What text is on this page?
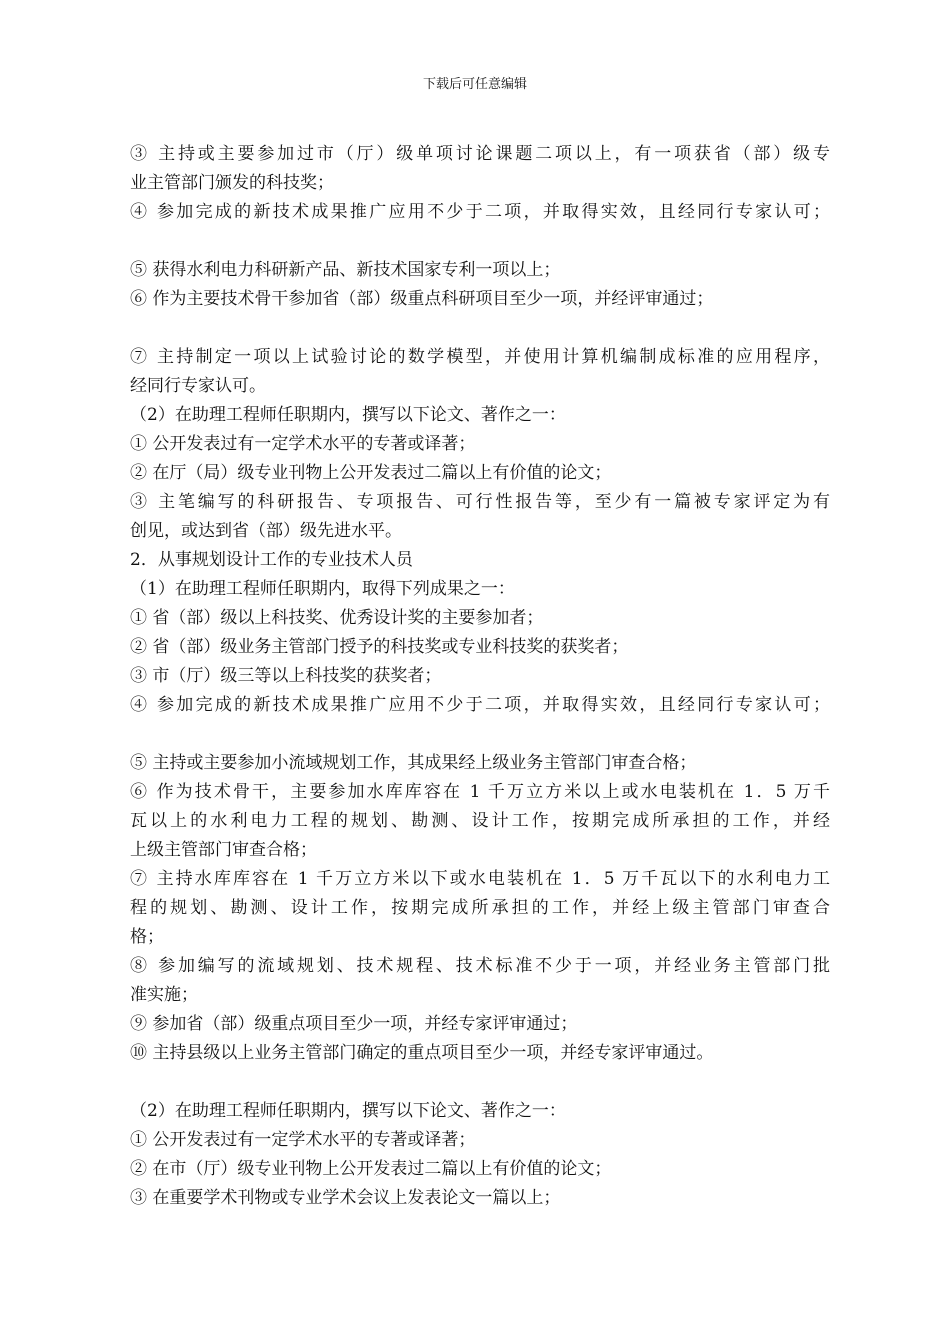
下载后可任意编辑
③ 主持或主要参加过市（厅）级单项讨论课题二项以上，有一项获省（部）级专
业主管部门颁发的科技奖；
④ 参加完成的新技术成果推广应用不少于二项，并取得实效，且经同行专家认可；
⑤ 获得水利电力科研新产品、新技术国家专利一项以上；
⑥ 作为主要技术骨干参加省（部）级重点科研项目至少一项，并经评审通过；
⑦ 主持制定一项以上试验讨论的数学模型，并使用计算机编制成标准的应用程序，
经同行专家认可。
（2）在助理工程师任职期内，撰写以下论文、著作之一：
① 公开发表过有一定学术水平的专著或译著；
② 在厅（局）级专业刊物上公开发表过二篇以上有价值的论文；
③ 主笔编写的科研报告、专项报告、可行性报告等，至少有一篇被专家评定为有
创见，或达到省（部）级先进水平。
2．从事规划设计工作的专业技术人员
（1）在助理工程师任职期内，取得下列成果之一：
① 省（部）级以上科技奖、优秀设计奖的主要参加者；
② 省（部）级业务主管部门授予的科技奖或专业科技奖的获奖者；
③ 市（厅）级三等以上科技奖的获奖者；
④ 参加完成的新技术成果推广应用不少于二项，并取得实效，且经同行专家认可；
⑤ 主持或主要参加小流域规划工作，其成果经上级业务主管部门审查合格；
⑥ 作为技术骨干，主要参加水库库容在 1 千万立方米以上或水电装机在 1．5 万千
瓦以上的水利电力工程的规划、勘测、设计工作，按期完成所承担的工作，并经
上级主管部门审查合格；
⑦ 主持水库库容在 1 千万立方米以下或水电装机在 1．5 万千瓦以下的水利电力工
程的规划、勘测、设计工作，按期完成所承担的工作，并经上级主管部门审查合
格；
⑧ 参加编写的流域规划、技术规程、技术标准不少于一项，并经业务主管部门批
准实施；
⑨ 参加省（部）级重点项目至少一项，并经专家评审通过；
⑩ 主持县级以上业务主管部门确定的重点项目至少一项，并经专家评审通过。
（2）在助理工程师任职期内，撰写以下论文、著作之一：
① 公开发表过有一定学术水平的专著或译著；
② 在市（厅）级专业刊物上公开发表过二篇以上有价值的论文；
③ 在重要学术刊物或专业学术会议上发表论文一篇以上；
